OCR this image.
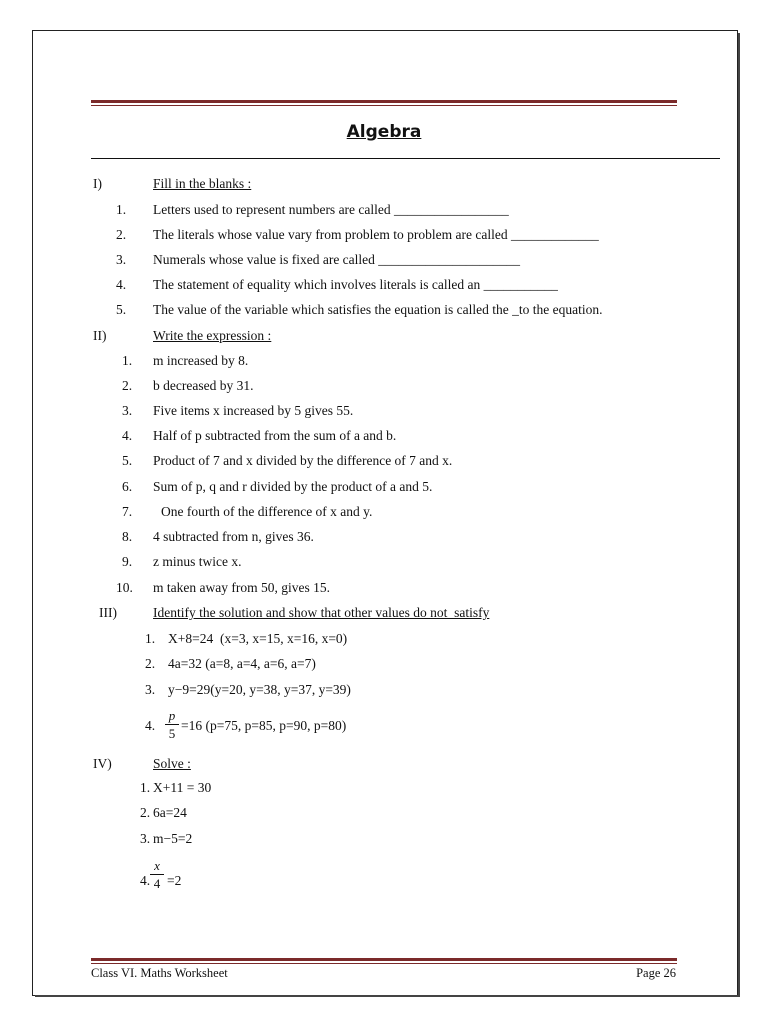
Algebra
I)	Fill in the blanks :
1. Letters used to represent numbers are called _________________
2. The literals whose value vary from problem to problem are called _____________
3. Numerals whose value is fixed are called _____________________
4. The statement of equality which involves literals is called an ___________
5. The value of the variable which satisfies the equation is called the _to the equation.
II)	Write the expression :
1. m increased by 8.
2. b decreased by 31.
3. Five items x increased by 5 gives 55.
4. Half of p subtracted from the sum of a and b.
5. Product of 7 and x divided by the difference of 7 and x.
6. Sum of p, q and r divided by the product of a and 5.
7. One fourth of the difference of x and y.
8. 4 subtracted from n, gives 36.
9. z minus twice x.
10. m taken away from 50, gives 15.
III)	Identify the solution and show that other values do not  satisfy
1. X+8=24  (x=3, x=15, x=16, x=0)
2. 4a=32 (a=8, a=4, a=6, a=7)
3. y−9=29(y=20, y=38, y=37, y=39)
4.
p
5
=16 (p=75, p=85, p=90, p=80)
IV)	Solve :
1. X+11 = 30
2. 6a=24
3. m−5=2
4.
x
4 =2
Class VI. Maths Worksheet	Page 26
